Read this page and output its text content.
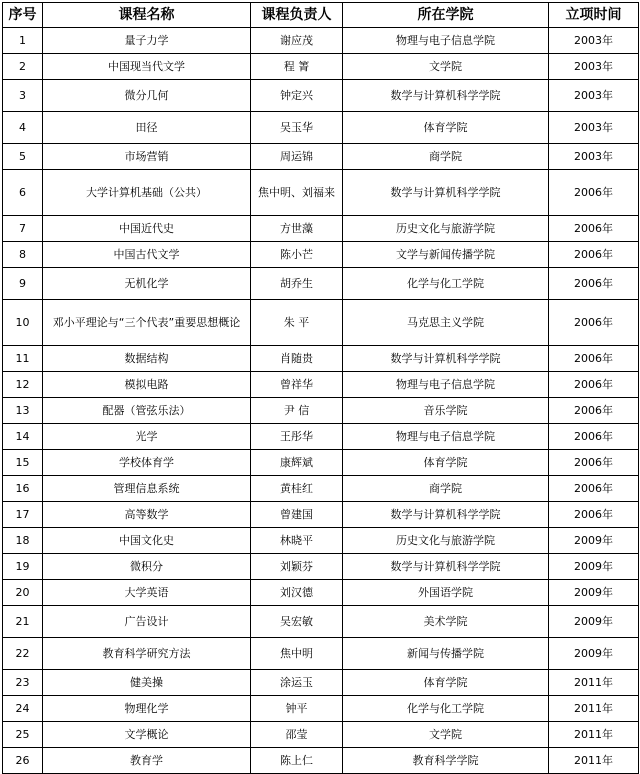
序号	课程名称	课程负责人	所在学院	立项时间
1	量子力学	谢应茂	物理与电子信息学院	2003年
2	中国现当代文学	程 箐	文学院	2003年
3	微分几何	钟定兴	数学与计算机科学学院	2003年
4	田径	吴玉华	体育学院	2003年
5	市场营销	周运锦	商学院	2003年
6	大学计算机基础（公共）	焦中明、刘福来	数学与计算机科学学院	2006年
7	中国近代史	方世藻	历史文化与旅游学院	2006年
8	中国古代文学	陈小芒	文学与新闻传播学院	2006年
9	无机化学	胡乔生	化学与化工学院	2006年
10	邓小平理论与“三个代表”重要思想概论	朱 平	马克思主义学院	2006年
11	数据结构	肖随贵	数学与计算机科学学院	2006年
12	模拟电路	曾祥华	物理与电子信息学院	2006年
13	配器（管弦乐法）	尹 信	音乐学院	2006年
14	光学	王彤华	物理与电子信息学院	2006年
15	学校体育学	康辉斌	体育学院	2006年
16	管理信息系统	黄桂红	商学院	2006年
17	高等数学	曾建国	数学与计算机科学学院	2006年
18	中国文化史	林晓平	历史文化与旅游学院	2009年
19	微积分	刘颖芬	数学与计算机科学学院	2009年
20	大学英语	刘汉德	外国语学院	2009年
21	广告设计	吴宏敏	美术学院	2009年
22	教育科学研究方法	焦中明	新闻与传播学院	2009年
23	健美操	涂运玉	体育学院	2011年
24	物理化学	钟平	化学与化工学院	2011年
25	文学概论	邵莹	文学院	2011年
26	教育学	陈上仁	教育科学学院	2011年
